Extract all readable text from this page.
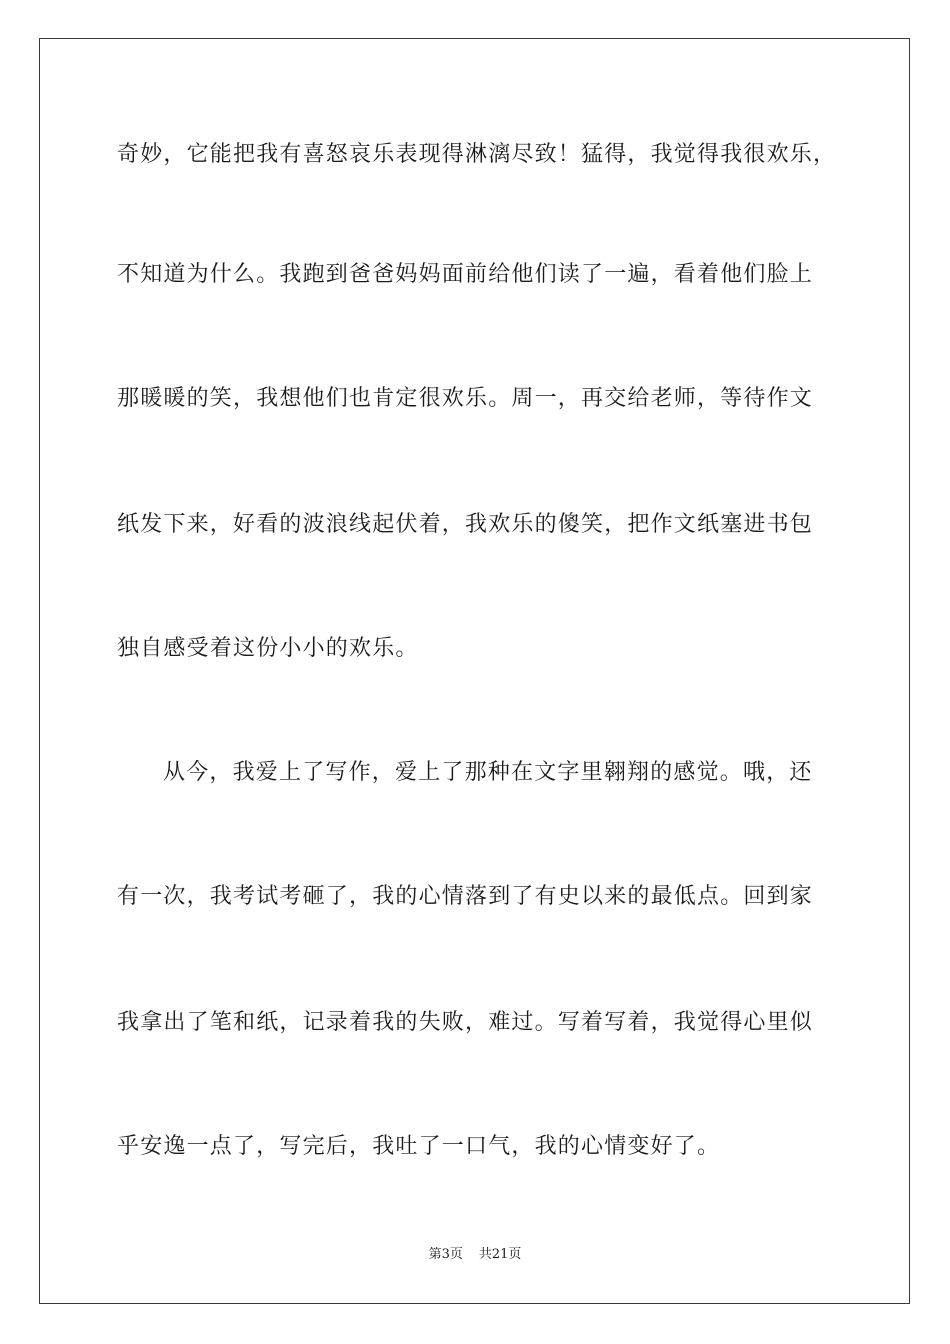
奇妙，它能把我有喜怒哀乐表现得淋漓尽致！猛得，我觉得我很欢乐，
不知道为什么。我跑到爸爸妈妈面前给他们读了一遍，看着他们脸上
那暖暖的笑，我想他们也肯定很欢乐。周一，再交给老师，等待作文
纸发下来，好看的波浪线起伏着，我欢乐的傻笑，把作文纸塞进书包
独自感受着这份小小的欢乐。
从今，我爱上了写作，爱上了那种在文字里翱翔的感觉。哦，还
有一次，我考试考砸了，我的心情落到了有史以来的最低点。回到家
我拿出了笔和纸，记录着我的失败，难过。写着写着，我觉得心里似
乎安逸一点了，写完后，我吐了一口气，我的心情变好了。
第3页 共21页
